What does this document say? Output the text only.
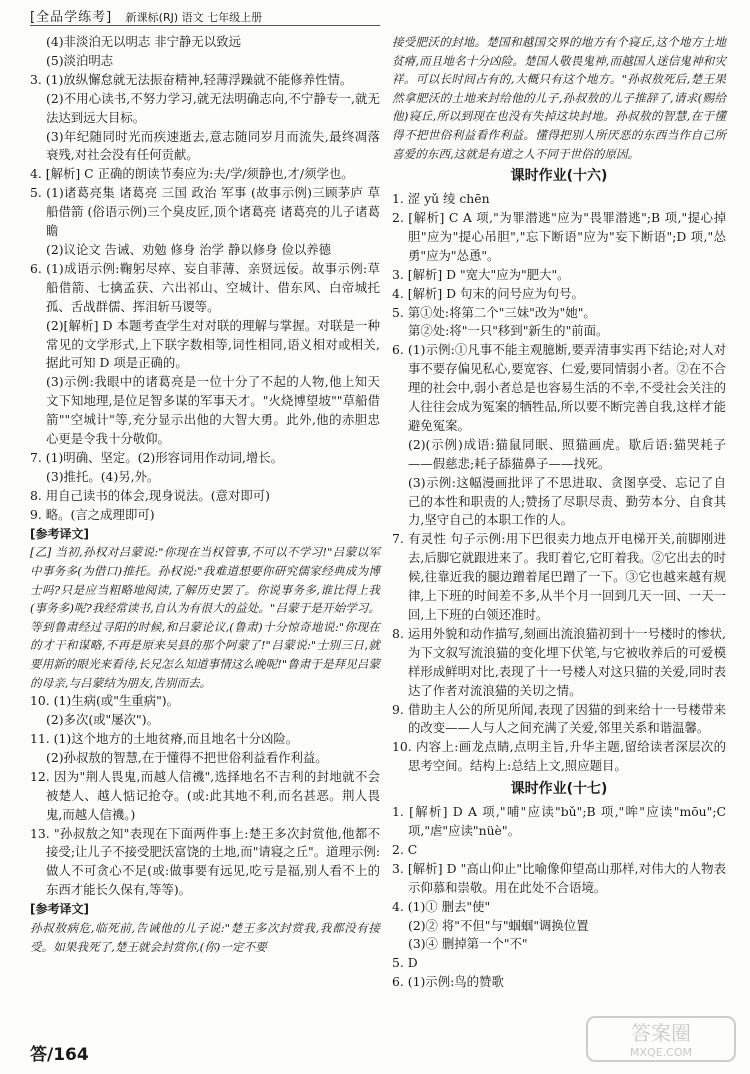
[全品学练考] 新课标(RJ) 语文 七年级上册

(4)非淡泊无以明志 非宁静无以致远

(5)淡泊明志

3. (1)放纵懈怠就无法振奋精神,轻薄浮躁就不能修养性情。

(2)不用心读书,不努力学习,就无法明确志向,不宁静专一,就无法达到远大目标。

(3)年纪随同时光而疾速逝去,意志随同岁月而流失,最终凋落衰残,对社会没有任何贡献。

4. [解析] C 正确的朗读节奏应为:夫/学/须静也,才/须学也。

5. (1)诸葛亮集 诸葛亮 三国 政治 军事 (故事示例)三顾茅庐 草船借箭 (俗语示例)三个臭皮匠,顶个诸葛亮 诸葛亮的儿子诸葛瞻

(2)议论文 告诫、劝勉 修身 治学 静以修身 俭以养德

6. (1)成语示例:鞠躬尽瘁、妄自菲薄、亲贤远佞。故事示例:草船借箭、七擒孟获、六出祁山、空城计、借东风、白帝城托孤、舌战群儒、挥泪斩马谡等。

(2)[解析] D 本题考查学生对对联的理解与掌握。对联是一种常见的文学形式,上下联字数相等,词性相同,语义相对或相关,据此可知 D 项是正确的。

(3)示例:我眼中的诸葛亮是一位十分了不起的人物,他上知天文下知地理,是位足智多谋的军事天才。"火烧博望坡""草船借箭""空城计"等,充分显示出他的大智大勇。此外,他的赤胆忠心更是令我十分敬仰。

7. (1)明确、坚定。(2)形容词用作动词,增长。

(3)推托。(4)另,外。

8. 用自己读书的体会,现身说法。(意对即可)

9. 略。(言之成理即可)

[参考译文]

[乙] 当初,孙权对吕蒙说:"你现在当权管事,不可以不学习!"吕蒙以军中事务多(为借口)推托。孙权说:"我难道想要你研究儒家经典成为博士吗?只是应当粗略地阅读,了解历史罢了。你说事务多,谁比得上我(事务多)呢?我经常读书,自认为有很大的益处。"吕蒙于是开始学习。等到鲁肃经过寻阳的时候,和吕蒙论议,(鲁肃)十分惊奇地说:"你现在的才干和谋略,不再是原来吴县的那个阿蒙了!"吕蒙说:"士别三日,就要用新的眼光来看待,长兄怎么知道事情这么晚呢!"鲁肃于是拜见吕蒙的母亲,与吕蒙结为朋友,告别而去。

10. (1)生病(或"生重病")。

(2)多次(或"屡次")。

11. (1)这个地方的土地贫瘠,而且地名十分凶险。

(2)孙叔敖的智慧,在于懂得不把世俗利益看作利益。

12. 因为"荆人畏鬼,而越人信禨",选择地名不吉利的封地就不会被楚人、越人惦记抢夺。(或:此其地不利,而名甚恶。荆人畏鬼,而越人信禨。)

13. "孙叔敖之知"表现在下面两件事上:楚王多次封赏他,他都不接受;让儿子不接受肥沃富饶的土地,而"请寝之丘"。道理示例:做人不可贪心不足(或:做事要有远见,吃亏是福,别人看不上的东西才能长久保有,等等)。

[参考译文]

孙叔敖病危,临死前,告诫他的儿子说:"楚王多次封赏我,我都没有接受。如果我死了,楚王就会封赏你,(你)一定不要

接受肥沃的封地。楚国和越国交界的地方有个寝丘,这个地方土地贫瘠,而且地名十分凶险。楚国人敬畏鬼神,而越国人迷信鬼神和灾祥。可以长时间占有的,大概只有这个地方。"孙叔敖死后,楚王果然拿肥沃的土地来封给他的儿子,孙叔敖的儿子推辞了,请求(赐给他)寝丘,所以到现在也没有失掉这块封地。孙叔敖的智慧,在于懂得不把世俗利益看作利益。懂得把别人所厌恶的东西当作自己所喜爱的东西,这就是有道之人不同于世俗的原因。

课时作业(十六)

1. 涩 yǔ 绫 chēn

2. [解析] C A 项,"为罪潜逃"应为"畏罪潜逃";B 项,"提心掉胆"应为"提心吊胆","忘下断语"应为"妄下断语";D 项,"怂勇"应为"怂恿"。

3. [解析] D "宽大"应为"肥大"。

4. [解析] D 句末的问号应为句号。

5. 第①处:将第二个"三妹"改为"她"。

第②处:将"一只"移到"新生的"前面。

6. (1)示例:①凡事不能主观臆断,要弄清事实再下结论;对人对事不要存偏见私心,要宽容、仁爱,要同情弱小者。②在不合理的社会中,弱小者总是也容易生活的不幸,不受社会关注的人往往会成为冤案的牺牲品,所以要不断完善自我,这样才能避免冤案。

(2)(示例)成语:猫鼠同眠、照猫画虎。歇后语:猫哭耗子——假慈悲;耗子舔猫鼻子——找死。

(3)示例:这幅漫画批评了不思进取、贪图享受、忘记了自己的本性和职责的人;赞扬了尽职尽责、勤劳本分、自食其力,坚守自己的本职工作的人。

7. 有灵性 句子示例:用下巴很卖力地点开电梯开关,前脚刚进去,后脚它就跟进来了。我盯着它,它盯着我。②它出去的时候,往靠近我的腿边蹭着尾巴蹭了一下。③它也越来越有规律,上下班的时间差不多,从半个月一回到几天一回、一天一回,上下班的白领还准时。

8. 运用外貌和动作描写,刻画出流浪猫初到十一号楼时的惨状,为下文叙写流浪猫的变化埋下伏笔,与它被收养后的可爱模样形成鲜明对比,表现了十一号楼人对这只猫的关爱,同时表达了作者对流浪猫的关切之情。

9. 借助主人公的所见所闻,表现了因猫的到来给十一号楼带来的改变——人与人之间充满了关爱,邻里关系和谐温馨。

10. 内容上:画龙点睛,点明主旨,升华主题,留给读者深层次的思考空间。结构上:总结上文,照应题目。

课时作业(十七)

1. [解析] D A 项,"哺"应读"bǔ";B 项,"哞"应读"mōu";C 项,"虐"应读"nüè"。

2. C

3. [解析] D "高山仰止"比喻像仰望高山那样,对伟大的人物表示仰慕和崇敬。用在此处不合语境。

4. (1)① 删去"使"

(2)② 将"不但"与"蝈蝈"调换位置

(3)④ 删掉第一个"不"

5. D

6. (1)示例:鸟的赞歌

答/164
答案圈
MXQE.COM
